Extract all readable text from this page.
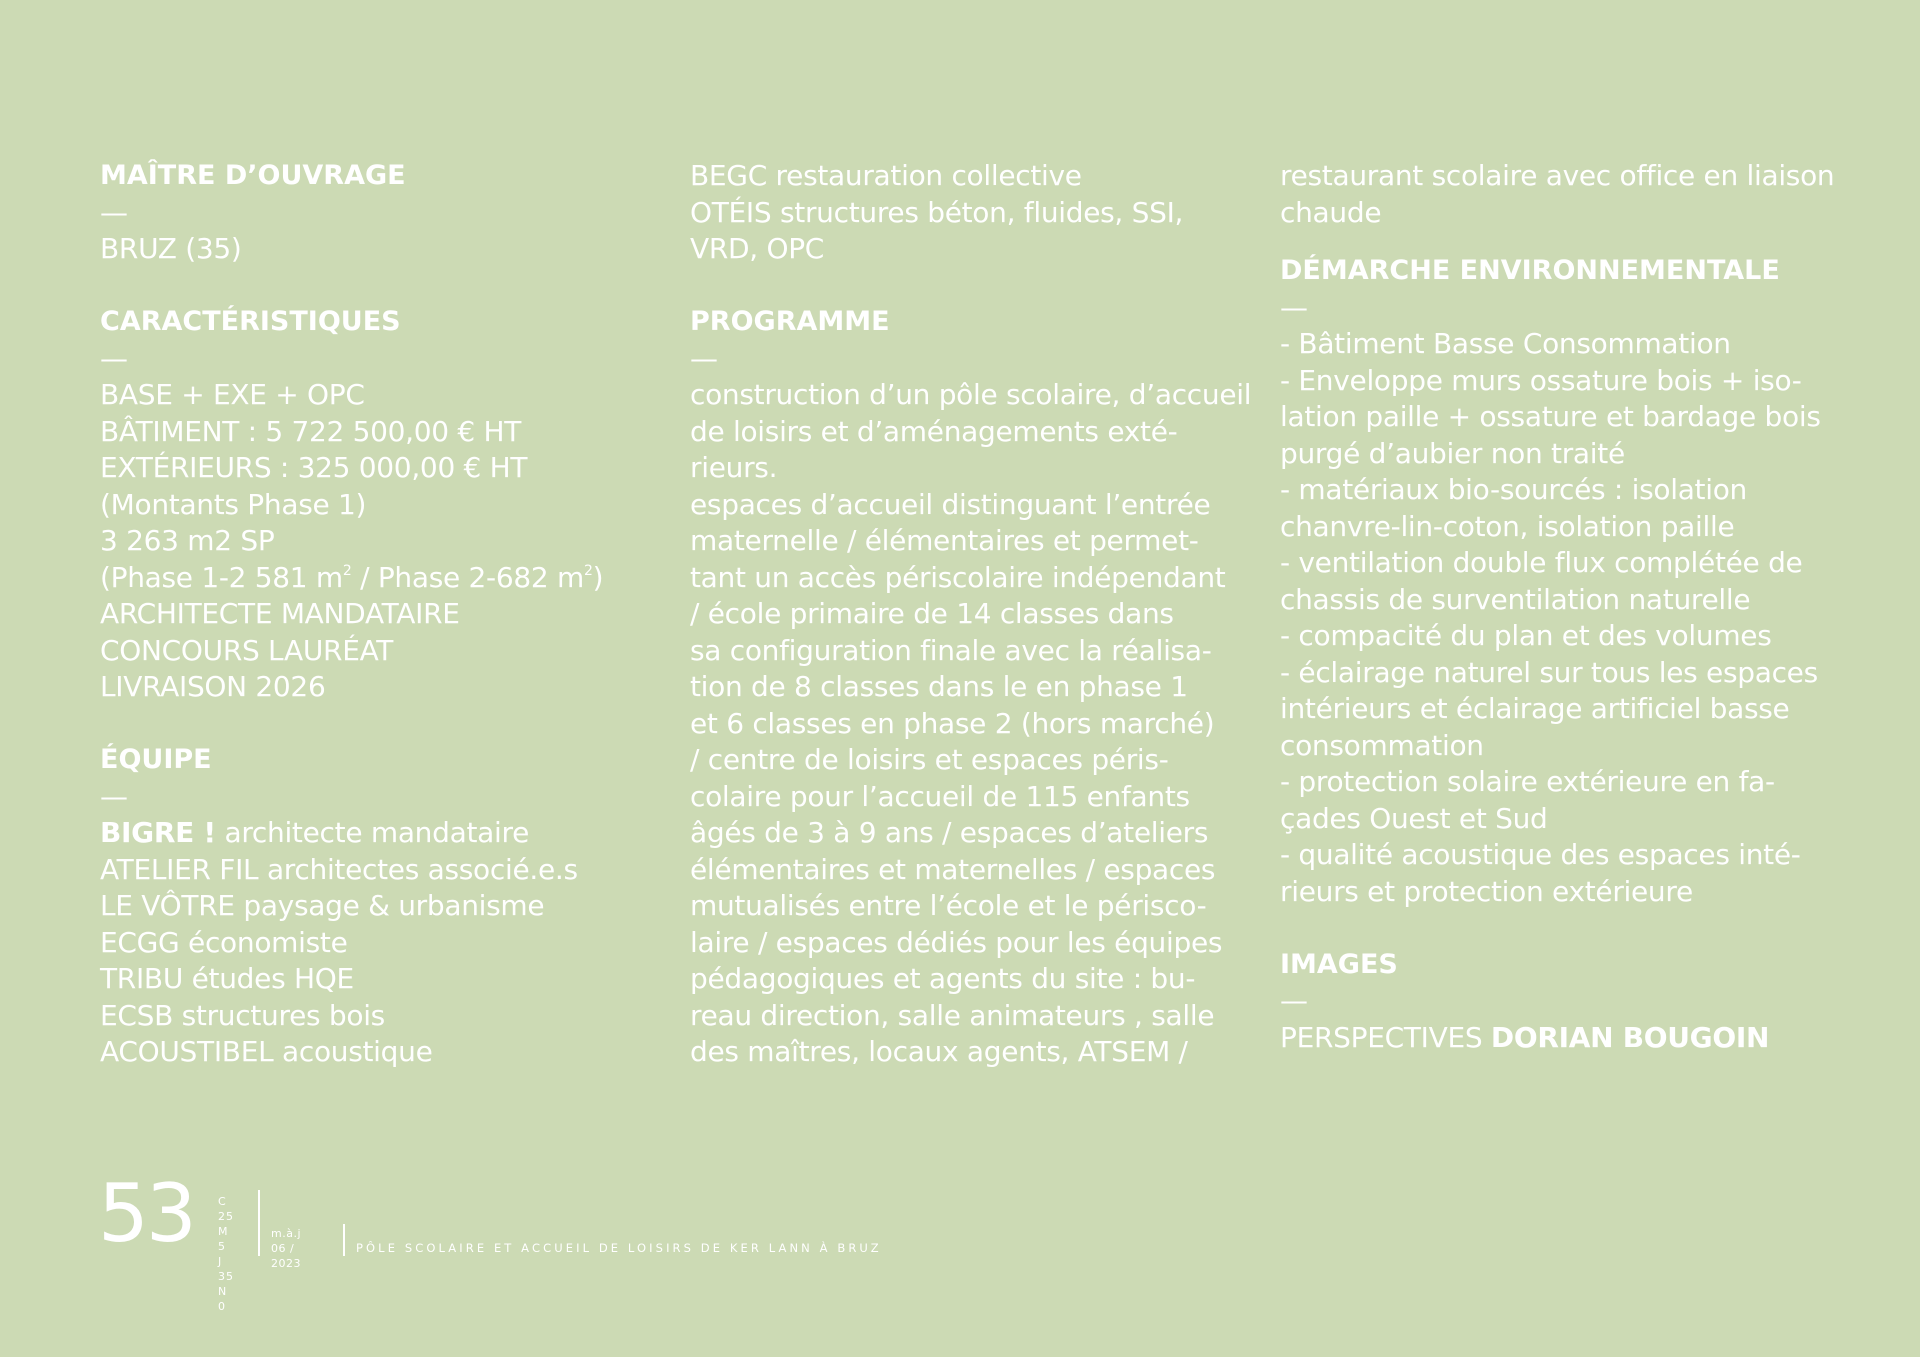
MAÎTRE D’OUVRAGE
—
BRUZ (35)
CARACTÉRISTIQUES
—
BASE + EXE + OPC
BÂTIMENT : 5 722 500,00 € HT
EXTÉRIEURS : 325 000,00 € HT
(Montants Phase 1)
3 263 m2 SP
(Phase 1-2 581 $m^2$ / Phase 2-682 $m^2$)
ARCHITECTE MANDATAIRE
CONCOURS LAURÉAT
LIVRAISON 2026
ÉQUIPE
—
BIGRE ! architecte mandataire
ATELIER FIL architectes associé.e.s
LE VÔTRE paysage & urbanisme
ECGG économiste
TRIBU études HQE
ECSB structures bois
ACOUSTIBEL acoustique
BEGC restauration collective
OTÉIS structures béton, fluides, SSI,
VRD, OPC
PROGRAMME
—
construction d’un pôle scolaire, d’accueil
de loisirs et d’aménagements exté-
rieurs.
espaces d’accueil distinguant l’entrée
maternelle / élémentaires et permet-
tant un accès périscolaire indépendant
/ école primaire de 14 classes dans
sa configuration finale avec la réalisa-
tion de 8 classes dans le en phase 1
et 6 classes en phase 2 (hors marché)
/ centre de loisirs et espaces péris-
colaire pour l’accueil de 115 enfants
âgés de 3 à 9 ans / espaces d’ateliers
élémentaires et maternelles / espaces
mutualisés entre l’école et le périsco-
laire / espaces dédiés pour les équipes
pédagogiques et agents du site : bu-
reau direction, salle animateurs , salle
des maîtres, locaux agents, ATSEM /
restaurant scolaire avec office en liaison
chaude
DÉMARCHE ENVIRONNEMENTALE
—
- Bâtiment Basse Consommation
- Enveloppe murs ossature bois + iso-
lation paille + ossature et bardage bois
purgé d’aubier non traité
- matériaux bio-sourcés : isolation
chanvre-lin-coton, isolation paille
- ventilation double flux complétée de
chassis de surventilation naturelle
- compacité du plan et des volumes
- éclairage naturel sur tous les espaces
intérieurs et éclairage artificiel basse
consommation
- protection solaire extérieure en fa-
çades Ouest et Sud
- qualité acoustique des espaces inté-
rieurs et protection extérieure
IMAGES
—
PERSPECTIVES DORIAN BOUGOIN
53 C 25
M 5
J 35
N 0
m.à.j
06 / 2023
PÔLE SCOLAIRE ET ACCUEIL DE LOISIRS DE KER LANN À BRUZ
